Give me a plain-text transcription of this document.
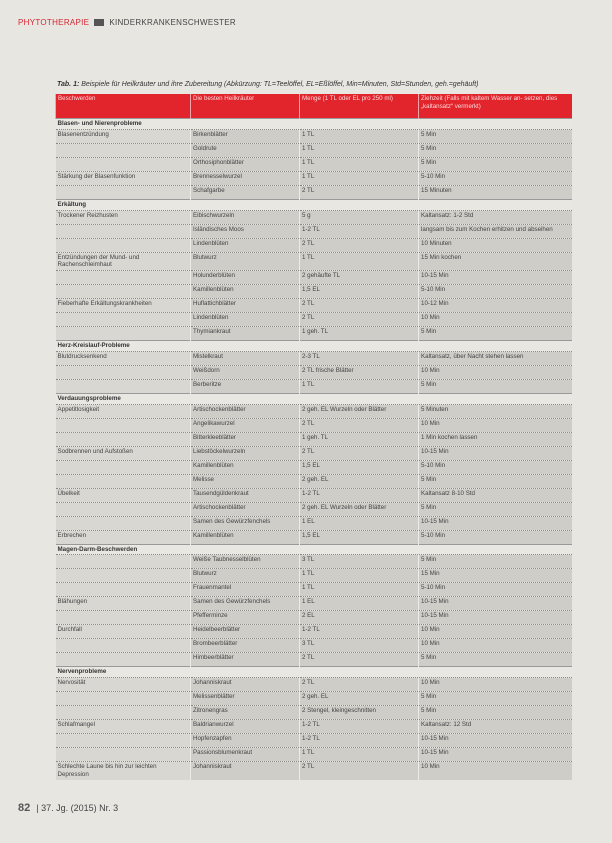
PHYTOTHERAPIE	KINDERKRANKENSCHWESTER
Tab. 1: Beispiele für Heilkräuter und ihre Zubereitung (Abkürzung: TL=Teelöffel, EL=Eßlöffel, Min=Minuten, Std=Stunden, geh.=gehäuft)
Beschwerden	Die besten Heilkräuter	Menge (1 TL oder EL pro 250 ml)	Ziehzeit (Falls mit kaltem Wasser an- setzen, dies „kaltansatz“ vermerkt)
Blasen- und Nierenprobleme			
Blasenentzündung	Birkenblätter	1 TL	5 Min
	Goldrute	1 TL	5 Min
	Orthosiphonblätter	1 TL	5 Min
Stärkung der Blasenfunktion	Brennesselwurzel	1 TL	5-10 Min
	Schafgarbe	2 TL	15 Minuten
Erkältung			
Trockener Reizhusten	Eibischwurzeln	5 g	Kaltansatz: 1-2 Std
	Isländisches Moos	1-2 TL	langsam bis zum Kochen erhitzen und abseihen
	Lindenblüten	2 TL	10 Minuten
Entzündungen der Mund- und Rachenschleimhaut	Blutwurz	1 TL	15 Min kochen
	Holunderblüten	2 gehäufte TL	10-15 Min
	Kamillenblüten	1,5 EL	5-10 Min
Fieberhafte Erkältungskrankheiten	Huflattichblätter	2 TL	10-12 Min
	Lindenblüten	2 TL	10 Min
	Thymiankraut	1 geh. TL	5 Min
Herz-Kreislauf-Probleme			
Blutdrucksenkend	Mistelkraut	2-3 TL	Kaltansatz, über Nacht stehen lassen
	Weißdorn	2 TL frische Blätter	10 Min
	Berberitze	1 TL	5 Min
Verdauungsprobleme			
Appetitlosigkeit	Artischockenblätter	2 geh. EL Wurzeln oder Blätter	5 Minuten
	Angelikawurzel	2 TL	10 Min
	Bitterkleeblätter	1 geh. TL	1 Min kochen lassen
Sodbrennen und Aufstoßen	Liebstöckelwurzeln	2 TL	10-15 Min
	Kamillenblüten	1,5 EL	5-10 Min
	Melisse	2 geh. EL	5 Min
Übelkeit	Tausendgüldenkraut	1-2 TL	Kaltansatz 8-10 Std
	Artischockenblätter	2 geh. EL Wurzeln oder Blätter	5 Min
	Samen des Gewürzfenchels	1 EL	10-15 Min
Erbrechen	Kamillenblüten	1,5 EL	5-10 Min
Magen-Darm-Beschwerden			
	Weiße Taubnesselblüten	3 TL	5 Min
	Blutwurz	1 TL	15 Min
	Frauenmantel	1 TL	5-10 Min
Blähungen	Samen des Gewürzfenchels	1 EL	10-15 Min
	Pfefferminze	2 EL	10-15 Min
Durchfall	Heidelbeerblätter	1-2 TL	10 Min
	Brombeerblätter	3 TL	10 Min
	Himbeerblätter	2 TL	5 Min
Nervenprobleme			
Nervosität	Johanniskraut	2 TL	10 Min
	Melissenblätter	2 geh. EL	5 Min
	Zitronengras	2 Stengel, kleingeschnitten	5 Min
Schlafmangel	Baldrianwurzel	1-2 TL	Kaltansatz: 12 Std
	Hopfenzapfen	1-2 TL	10-15 Min
	Passionsblumenkraut	1 TL	10-15 Min
Schlechte Laune bis hin zur leichten Depression	Johanniskraut	2 TL	10 Min
82 | 37. Jg. (2015) Nr. 3
